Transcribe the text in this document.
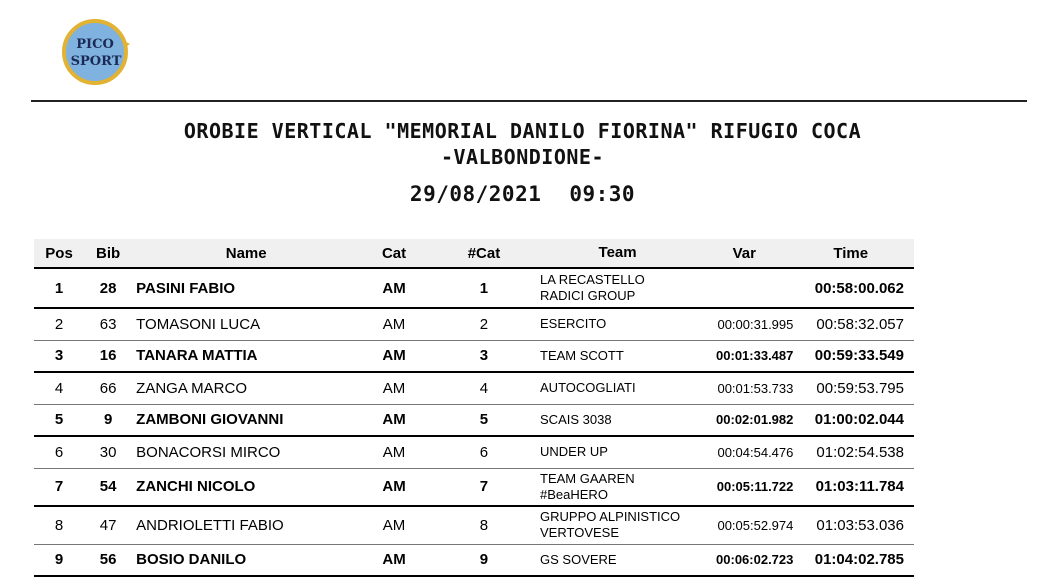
PICO
SPORT
OROBIE VERTICAL "MEMORIAL DANILO FIORINA" RIFUGIO COCA
-VALBONDIONE-
29/08/2021 09:30
Pos	Bib	Name	Cat	#Cat	Team	Var	Time
1	28	PASINI FABIO	AM	1	LA RECASTELLO
RADICI GROUP		00:58:00.062
2	63	TOMASONI LUCA	AM	2	ESERCITO	00:00:31.995	00:58:32.057
3	16	TANARA MATTIA	AM	3	TEAM SCOTT	00:01:33.487	00:59:33.549
4	66	ZANGA MARCO	AM	4	AUTOCOGLIATI	00:01:53.733	00:59:53.795
5	9	ZAMBONI GIOVANNI	AM	5	SCAIS 3038	00:02:01.982	01:00:02.044
6	30	BONACORSI MIRCO	AM	6	UNDER UP	00:04:54.476	01:02:54.538
7	54	ZANCHI NICOLO	AM	7	TEAM GAAREN
#BeaHERO	00:05:11.722	01:03:11.784
8	47	ANDRIOLETTI FABIO	AM	8	GRUPPO ALPINISTICO
VERTOVESE	00:05:52.974	01:03:53.036
9	56	BOSIO DANILO	AM	9	GS SOVERE	00:06:02.723	01:04:02.785
